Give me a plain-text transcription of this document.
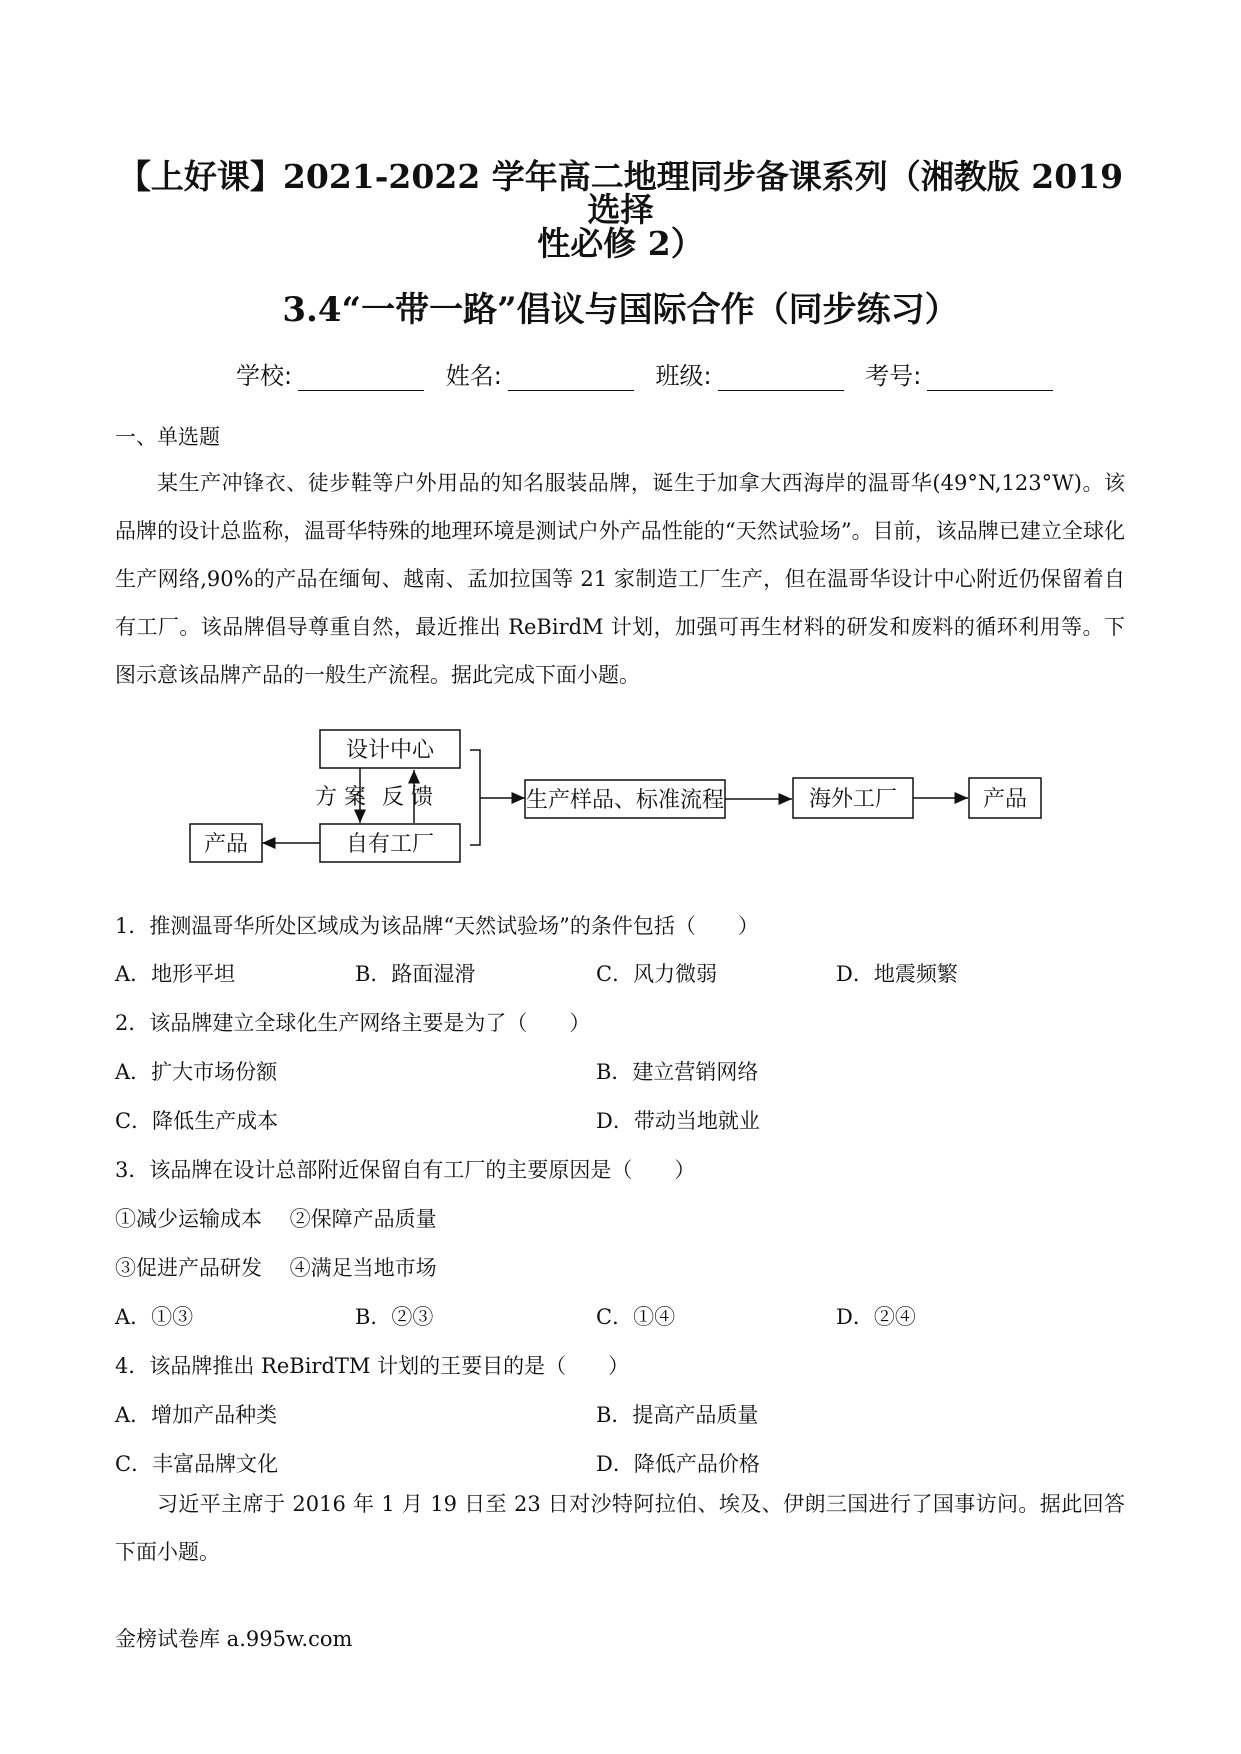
【上好课】2021-2022 学年高二地理同步备课系列（湘教版 2019 选择
性必修 2）
3.4“一带一路”倡议与国际合作（同步练习）
学校:	姓名:	班级:	考号:
一、单选题
某生产冲锋衣、徒步鞋等户外用品的知名服装品牌，诞生于加拿大西海岸的温哥华(49°N,123°W)。该品牌的设计总监称，温哥华特殊的地理环境是测试户外产品性能的“天然试验场”。目前，该品牌已建立全球化生产网络,90%的产品在缅甸、越南、孟加拉国等 21 家制造工厂生产，但在温哥华设计中心附近仍保留着自有工厂。该品牌倡导尊重自然，最近推出 ReBirdM 计划，加强可再生材料的研发和废料的循环利用等。下图示意该品牌产品的一般生产流程。据此完成下面小题。
设计中心
方 案 反 馈
自有工厂
产品
生产样品、标准流程	海外工厂	产品
1．推测温哥华所处区域成为该品牌“天然试验场”的条件包括（　　）
A．地形平坦	B．路面湿滑	C．风力微弱	D．地震频繁
2．该品牌建立全球化生产网络主要是为了（　　）
A．扩大市场份额	B．建立营销网络
C．降低生产成本	D．带动当地就业
3．该品牌在设计总部附近保留自有工厂的主要原因是（　　）
①减少运输成本　 ②保障产品质量
③促进产品研发　 ④满足当地市场
A．①③	B．②③	C．①④	D．②④
4．该品牌推出 ReBirdTM 计划的王要目的是（　　）
A．增加产品种类	B．提高产品质量
C．丰富品牌文化	D．降低产品价格
习近平主席于 2016 年 1 月 19 日至 23 日对沙特阿拉伯、埃及、伊朗三国进行了国事访问。据此回答下面小题。
金榜试卷库 a.995w.com
